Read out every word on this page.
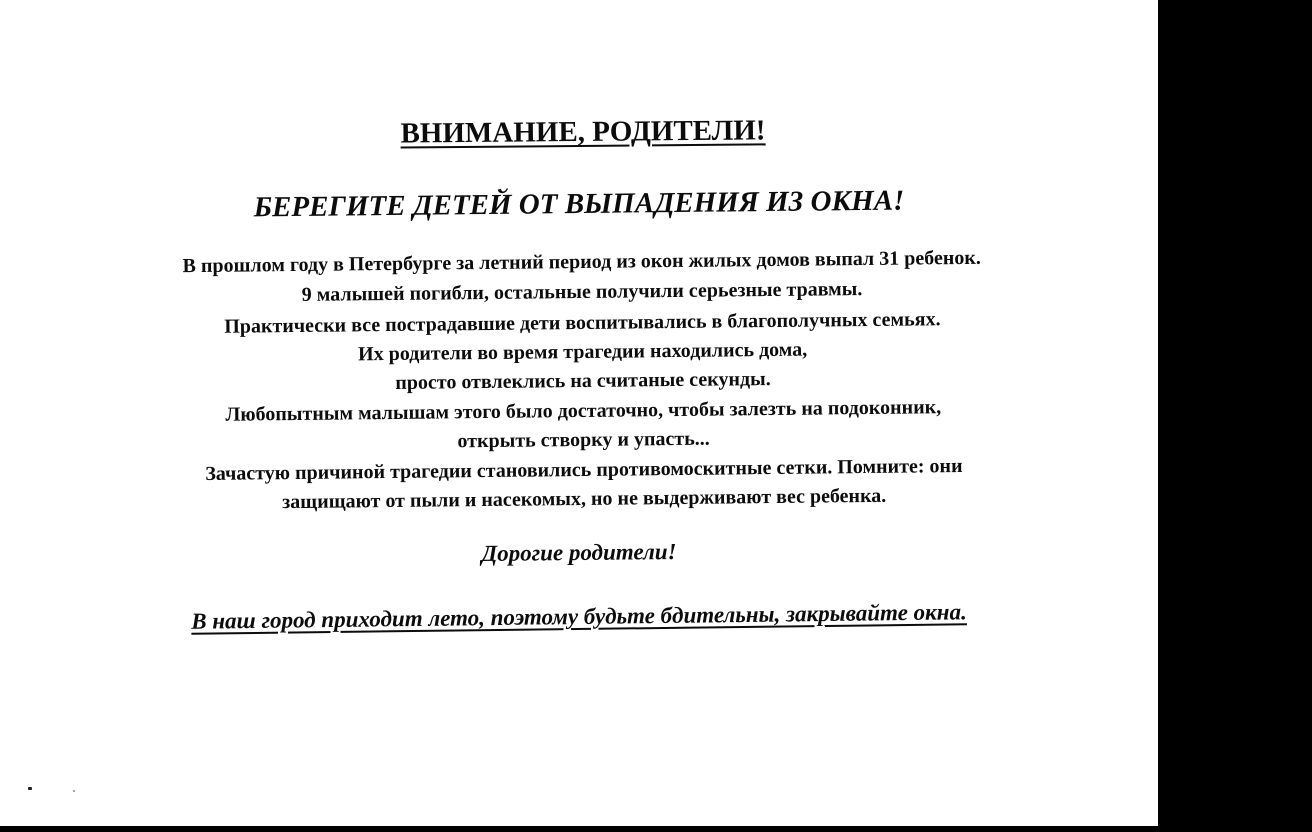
ВНИМАНИЕ, РОДИТЕЛИ!
БЕРЕГИТЕ ДЕТЕЙ ОТ ВЫПАДЕНИЯ ИЗ ОКНА!
В прошлом году в Петербурге за летний период из окон жилых домов выпал 31 ребенок.
9 малышей погибли, остальные получили серьезные травмы.
Практически все пострадавшие дети воспитывались в благополучных семьях.
Их родители во время трагедии находились дома,
просто отвлеклись на считаные секунды.
Любопытным малышам этого было достаточно, чтобы залезть на подоконник,
открыть створку и упасть...
Зачастую причиной трагедии становились противомоскитные сетки. Помните: они
защищают от пыли и насекомых, но не выдерживают вес ребенка.
Дорогие родители!
В наш город приходит лето, поэтому будьте бдительны, закрывайте окна.
